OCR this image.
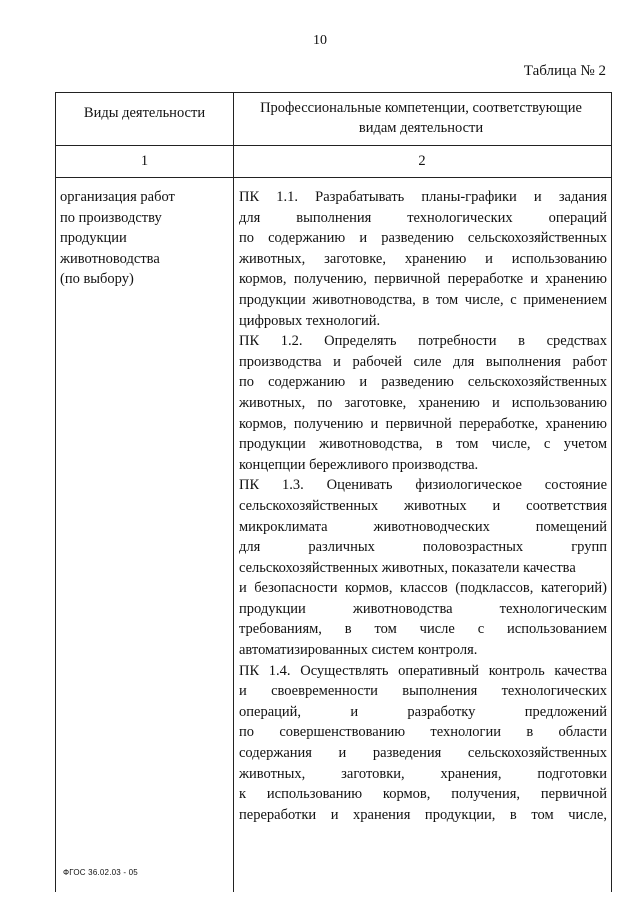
10
Таблица № 2
Виды деятельности	Профессиональные компетенции, соответствующие
видам деятельности
1	2
организация работ
по производству
продукции
животноводства
(по выбору)
ПК 1.1. Разрабатывать планы-графики и задания
для выполнения технологических операций
по содержанию и разведению сельскохозяйственных
животных, заготовке, хранению и использованию
кормов, получению, первичной переработке и хранению
продукции животноводства, в том числе, с применением
цифровых технологий.
ПК 1.2. Определять потребности в средствах
производства и рабочей силе для выполнения работ
по содержанию и разведению сельскохозяйственных
животных, по заготовке, хранению и использованию
кормов, получению и первичной переработке, хранению
продукции животноводства, в том числе, с учетом
концепции бережливого производства.
ПК 1.3. Оценивать физиологическое состояние
сельскохозяйственных животных и соответствия
микроклимата животноводческих помещений
для различных половозрастных групп
сельскохозяйственных животных, показатели качества
и безопасности кормов, классов (подклассов, категорий)
продукции животноводства технологическим
требованиям, в том числе с использованием
автоматизированных систем контроля.
ПК 1.4. Осуществлять оперативный контроль качества
и своевременности выполнения технологических
операций, и разработку предложений
по совершенствованию технологии в области
содержания и разведения сельскохозяйственных
животных, заготовки, хранения, подготовки
к использованию кормов, получения, первичной
переработки и хранения продукции, в том числе,
ФГОС 36.02.03 - 05
